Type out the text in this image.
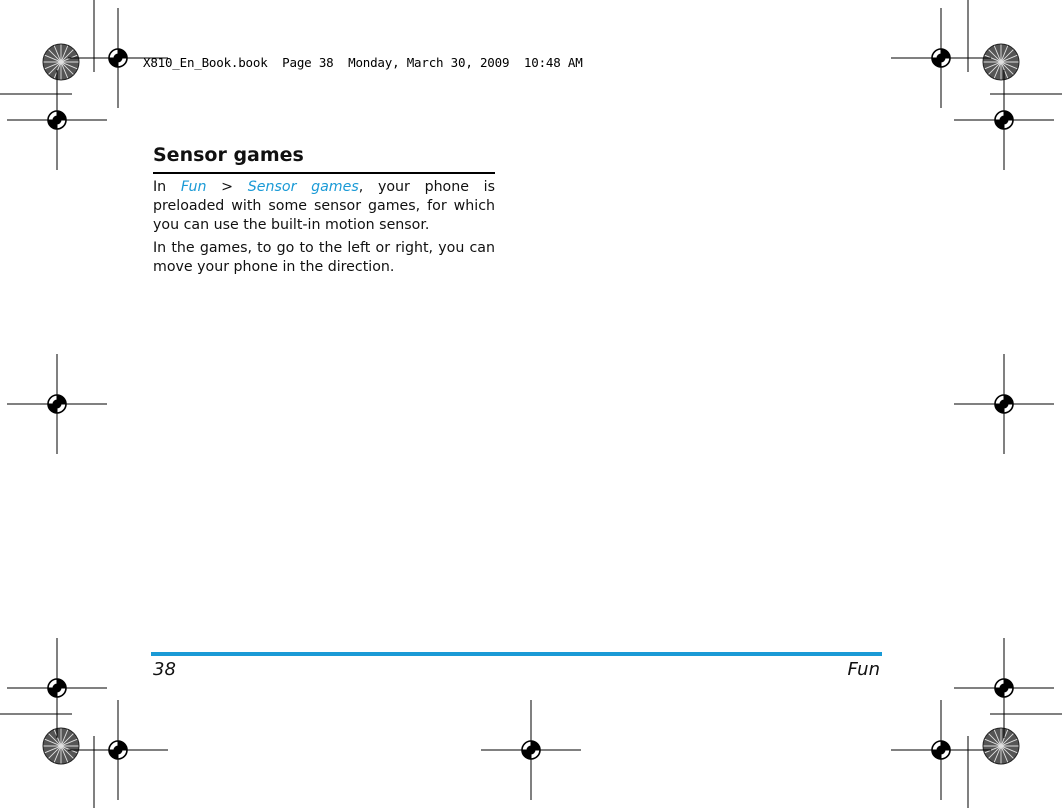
X810_En_Book.book  Page 38  Monday, March 30, 2009  10:48 AM
Sensor games

In Fun > Sensor games, your phone is preloaded with some sensor games, for which you can use the built-in motion sensor.

In the games, to go to the left or right, you can move your phone in the direction.

38	Fun
